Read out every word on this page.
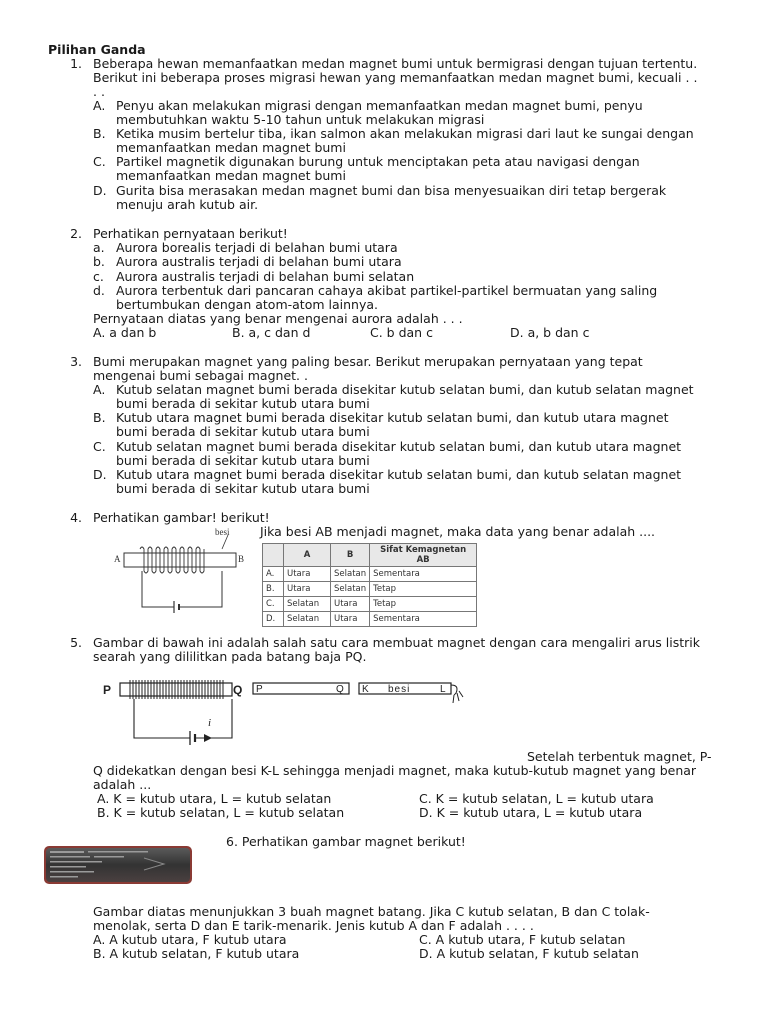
Pilihan Ganda
1. Beberapa hewan memanfaatkan medan magnet bumi untuk bermigrasi dengan tujuan tertentu.
Berikut ini beberapa proses migrasi hewan yang memanfaatkan medan magnet bumi, kecuali . .
. .
A. Penyu akan melakukan migrasi dengan memanfaatkan medan magnet bumi, penyu
membutuhkan waktu 5-10 tahun untuk melakukan migrasi
B. Ketika musim bertelur tiba, ikan salmon akan melakukan migrasi dari laut ke sungai dengan
memanfaatkan medan magnet bumi
C. Partikel magnetik digunakan burung untuk menciptakan peta atau navigasi dengan
memanfaatkan medan magnet bumi
D. Gurita bisa merasakan medan magnet bumi dan bisa menyesuaikan diri tetap bergerak
menuju arah kutub air.
2. Perhatikan pernyataan berikut!
a. Aurora borealis terjadi di belahan bumi utara
b. Aurora australis terjadi di belahan bumi utara
c. Aurora australis terjadi di belahan bumi selatan
d. Aurora terbentuk dari pancaran cahaya akibat partikel-partikel bermuatan yang saling
bertumbukan dengan atom-atom lainnya.
Pernyataan diatas yang benar mengenai aurora adalah . . .
A. a dan b	B. a, c dan d	C. b dan c	D. a, b dan c
3. Bumi merupakan magnet yang paling besar. Berikut merupakan pernyataan yang tepat
mengenai bumi sebagai magnet. .
A. Kutub selatan magnet bumi berada disekitar kutub selatan bumi, dan kutub selatan magnet
bumi berada di sekitar kutub utara bumi
B. Kutub utara magnet bumi berada disekitar kutub selatan bumi, dan kutub utara magnet
bumi berada di sekitar kutub utara bumi
C. Kutub selatan magnet bumi berada disekitar kutub selatan bumi, dan kutub utara magnet
bumi berada di sekitar kutub utara bumi
D. Kutub utara magnet bumi berada disekitar kutub selatan bumi, dan kutub selatan magnet
bumi berada di sekitar kutub utara bumi
4. Perhatikan gambar! berikut!
Jika besi AB menjadi magnet, maka data yang benar adalah ....
besi
A	B
		A	B	Sifat Kemagnetan AB
A.	Utara	Selatan	Sementara
B.	Utara	Selatan	Tetap
C.	Selatan	Utara	Tetap
D.	Selatan	Utara	Sementara
5. Gambar di bawah ini adalah salah satu cara membuat magnet dengan cara mengaliri arus listrik
searah yang dililitkan pada batang baja PQ.
P	Q
i
P	Q K besi	L
Setelah terbentuk magnet, P-
Q didekatkan dengan besi K-L sehingga menjadi magnet, maka kutub-kutub magnet yang benar
adalah ...
A. K = kutub utara, L = kutub selatan	C. K = kutub selatan, L = kutub utara
B. K = kutub selatan, L = kutub selatan	D. K = kutub utara, L = kutub utara
6. Perhatikan gambar magnet berikut!
Gambar diatas menunjukkan 3 buah magnet batang. Jika C kutub selatan, B dan C tolak-
menolak, serta D dan E tarik-menarik. Jenis kutub A dan F adalah . . . .
A. A kutub utara, F kutub utara	C. A kutub utara, F kutub selatan
B. A kutub selatan, F kutub utara	D. A kutub selatan, F kutub selatan
